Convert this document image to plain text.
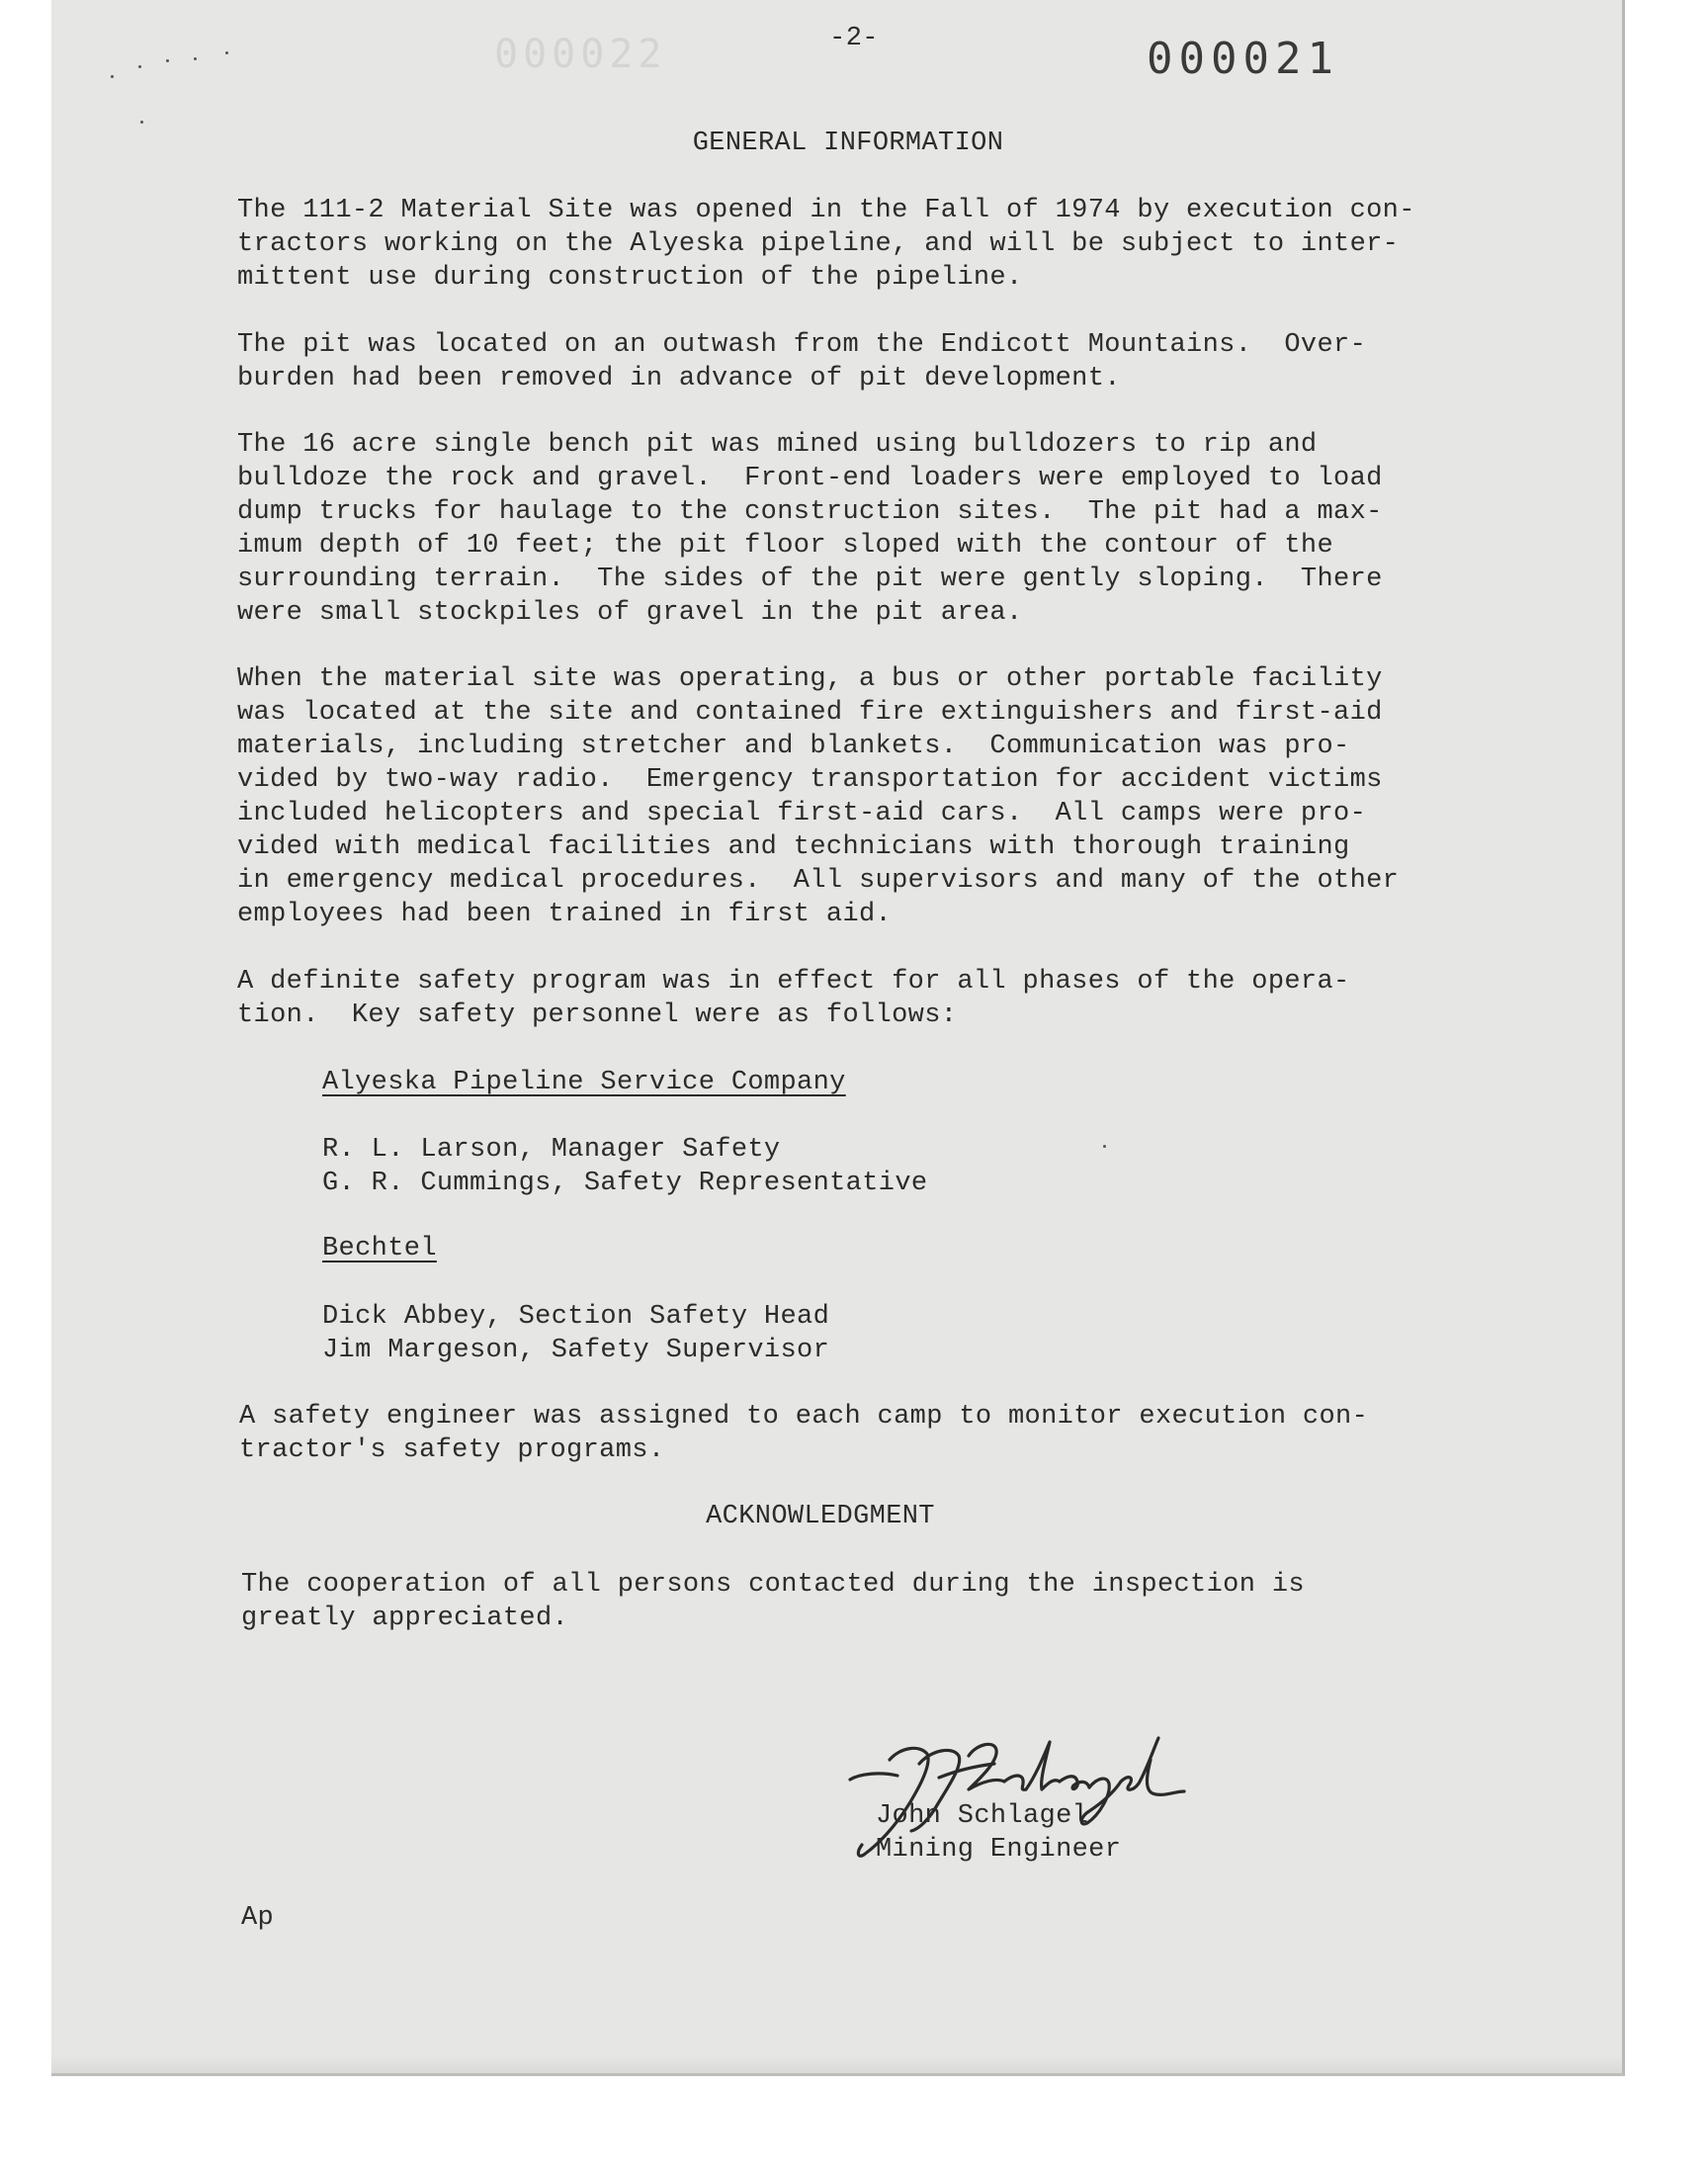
000022	-2-	000021
GENERAL INFORMATION

The 111-2 Material Site was opened in the Fall of 1974 by execution con-
tractors working on the Alyeska pipeline, and will be subject to inter-
mittent use during construction of the pipeline.

The pit was located on an outwash from the Endicott Mountains.  Over-
burden had been removed in advance of pit development.

The 16 acre single bench pit was mined using bulldozers to rip and
bulldoze the rock and gravel.  Front-end loaders were employed to load
dump trucks for haulage to the construction sites.  The pit had a max-
imum depth of 10 feet; the pit floor sloped with the contour of the
surrounding terrain.  The sides of the pit were gently sloping.  There
were small stockpiles of gravel in the pit area.

When the material site was operating, a bus or other portable facility
was located at the site and contained fire extinguishers and first-aid
materials, including stretcher and blankets.  Communication was pro-
vided by two-way radio.  Emergency transportation for accident victims
included helicopters and special first-aid cars.  All camps were pro-
vided with medical facilities and technicians with thorough training
in emergency medical procedures.  All supervisors and many of the other
employees had been trained in first aid.

A definite safety program was in effect for all phases of the opera-
tion.  Key safety personnel were as follows:

Alyeska Pipeline Service Company

R. L. Larson, Manager Safety
G. R. Cummings, Safety Representative

Bechtel

Dick Abbey, Section Safety Head
Jim Margeson, Safety Supervisor

A safety engineer was assigned to each camp to monitor execution con-
tractor's safety programs.

ACKNOWLEDGMENT

The cooperation of all persons contacted during the inspection is
greatly appreciated.

John Schlagel

Mining Engineer

Ap
